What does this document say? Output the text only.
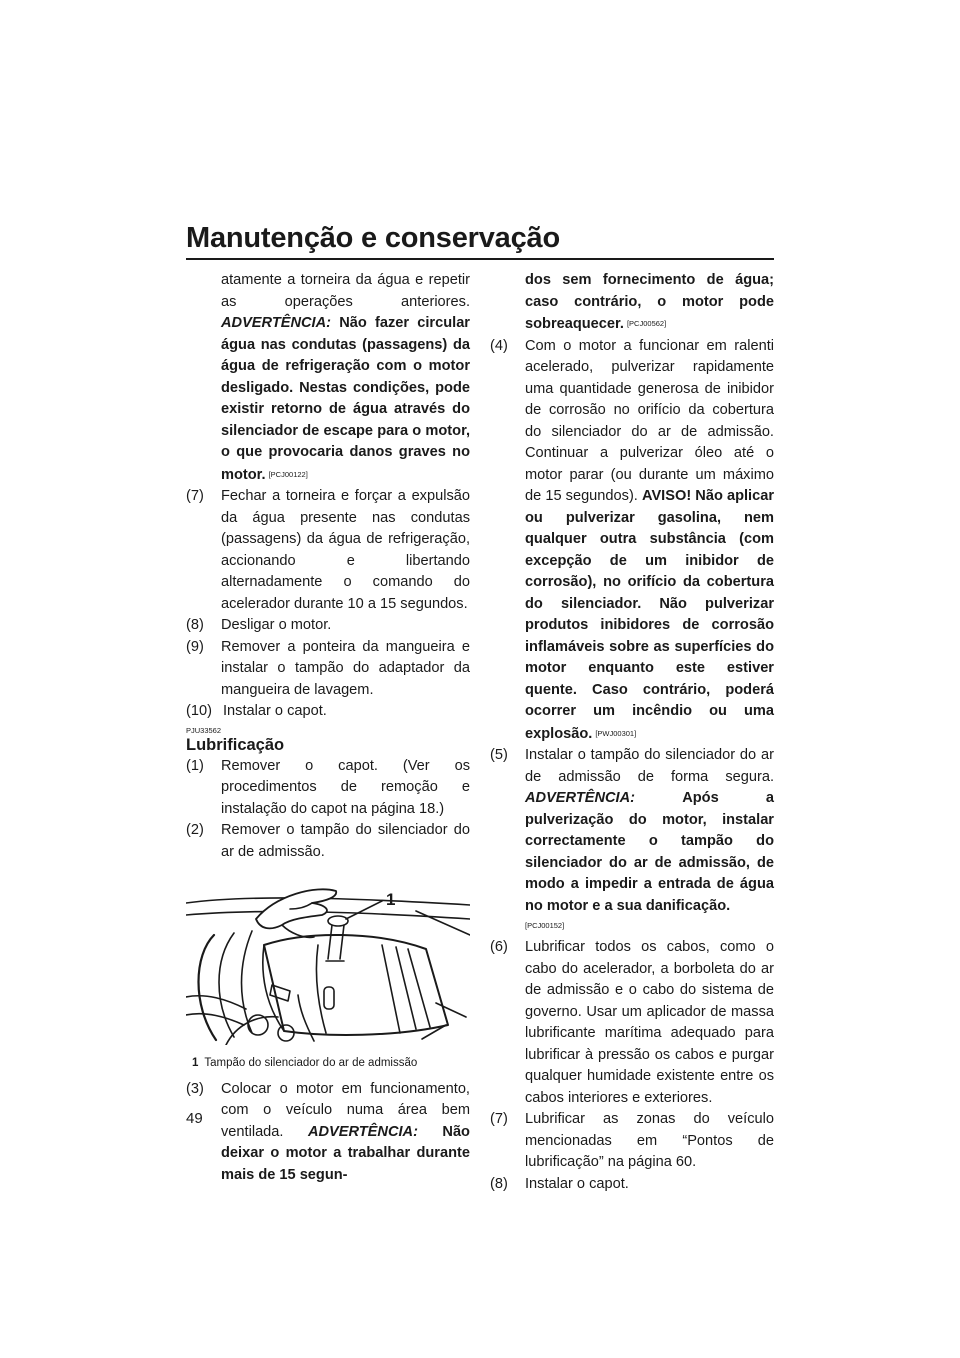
Manutenção e conservação

atamente a torneira da água e repetir as operações anteriores. ADVERTÊNCIA: Não fazer circular água nas condutas (passagens) da água de refrigeração com o motor desligado. Nestas condições, pode existir retorno de água através do silenciador de escape para o motor, o que provocaria danos graves no motor. [PCJ00122]

(7)	Fechar a torneira e forçar a expulsão da água presente nas condutas (passagens) da água de refrigeração, accionando e libertando alternadamente o comando do acelerador durante 10 a 15 segundos.
(8)	Desligar o motor.
(9)	Remover a ponteira da mangueira e instalar o tampão do adaptador da mangueira de lavagem.
(10) Instalar o capot.
PJU33562
Lubrificação
(1)	Remover o capot. (Ver os procedimentos de remoção e instalação do capot na página 18.)
(2)	Remover o tampão do silenciador do ar de admissão.
1
1 Tampão do silenciador do ar de admissão
(3)	Colocar o motor em funcionamento, com o veículo numa área bem ventilada. ADVERTÊNCIA: Não deixar o motor a trabalhar durante mais de 15 segun-

dos sem fornecimento de água; caso contrário, o motor pode sobreaquecer. [PCJ00562]

(4)	Com o motor a funcionar em ralenti acelerado, pulverizar rapidamente uma quantidade generosa de inibidor de corrosão no orifício da cobertura do silenciador do ar de admissão. Continuar a pulverizar óleo até o motor parar (ou durante um máximo de 15 segundos). AVISO! Não aplicar ou pulverizar gasolina, nem qualquer outra substância (com excepção de um inibidor de corrosão), no orifício da cobertura do silenciador. Não pulverizar produtos inibidores de corrosão inflamáveis sobre as superfícies do motor enquanto este estiver quente. Caso contrário, poderá ocorrer um incêndio ou uma explosão. [PWJ00301]
(5)	Instalar o tampão do silenciador do ar de admissão de forma segura. ADVERTÊNCIA:	Após a pulverização do motor, instalar correctamente o tampão do silenciador do ar de admissão, de modo a impedir a entrada de água no motor e a sua danificação.
[PCJ00152]
(6)	Lubrificar todos os cabos, como o cabo do acelerador, a borboleta do ar de admissão e o cabo do sistema de governo. Usar um aplicador de massa lubrificante marítima adequado para lubrificar à pressão os cabos e purgar qualquer humidade existente entre os cabos interiores e exteriores.
(7)	Lubrificar as zonas do veículo mencionadas em “Pontos de lubrificação” na página 60.
(8)	Instalar o capot.
49
